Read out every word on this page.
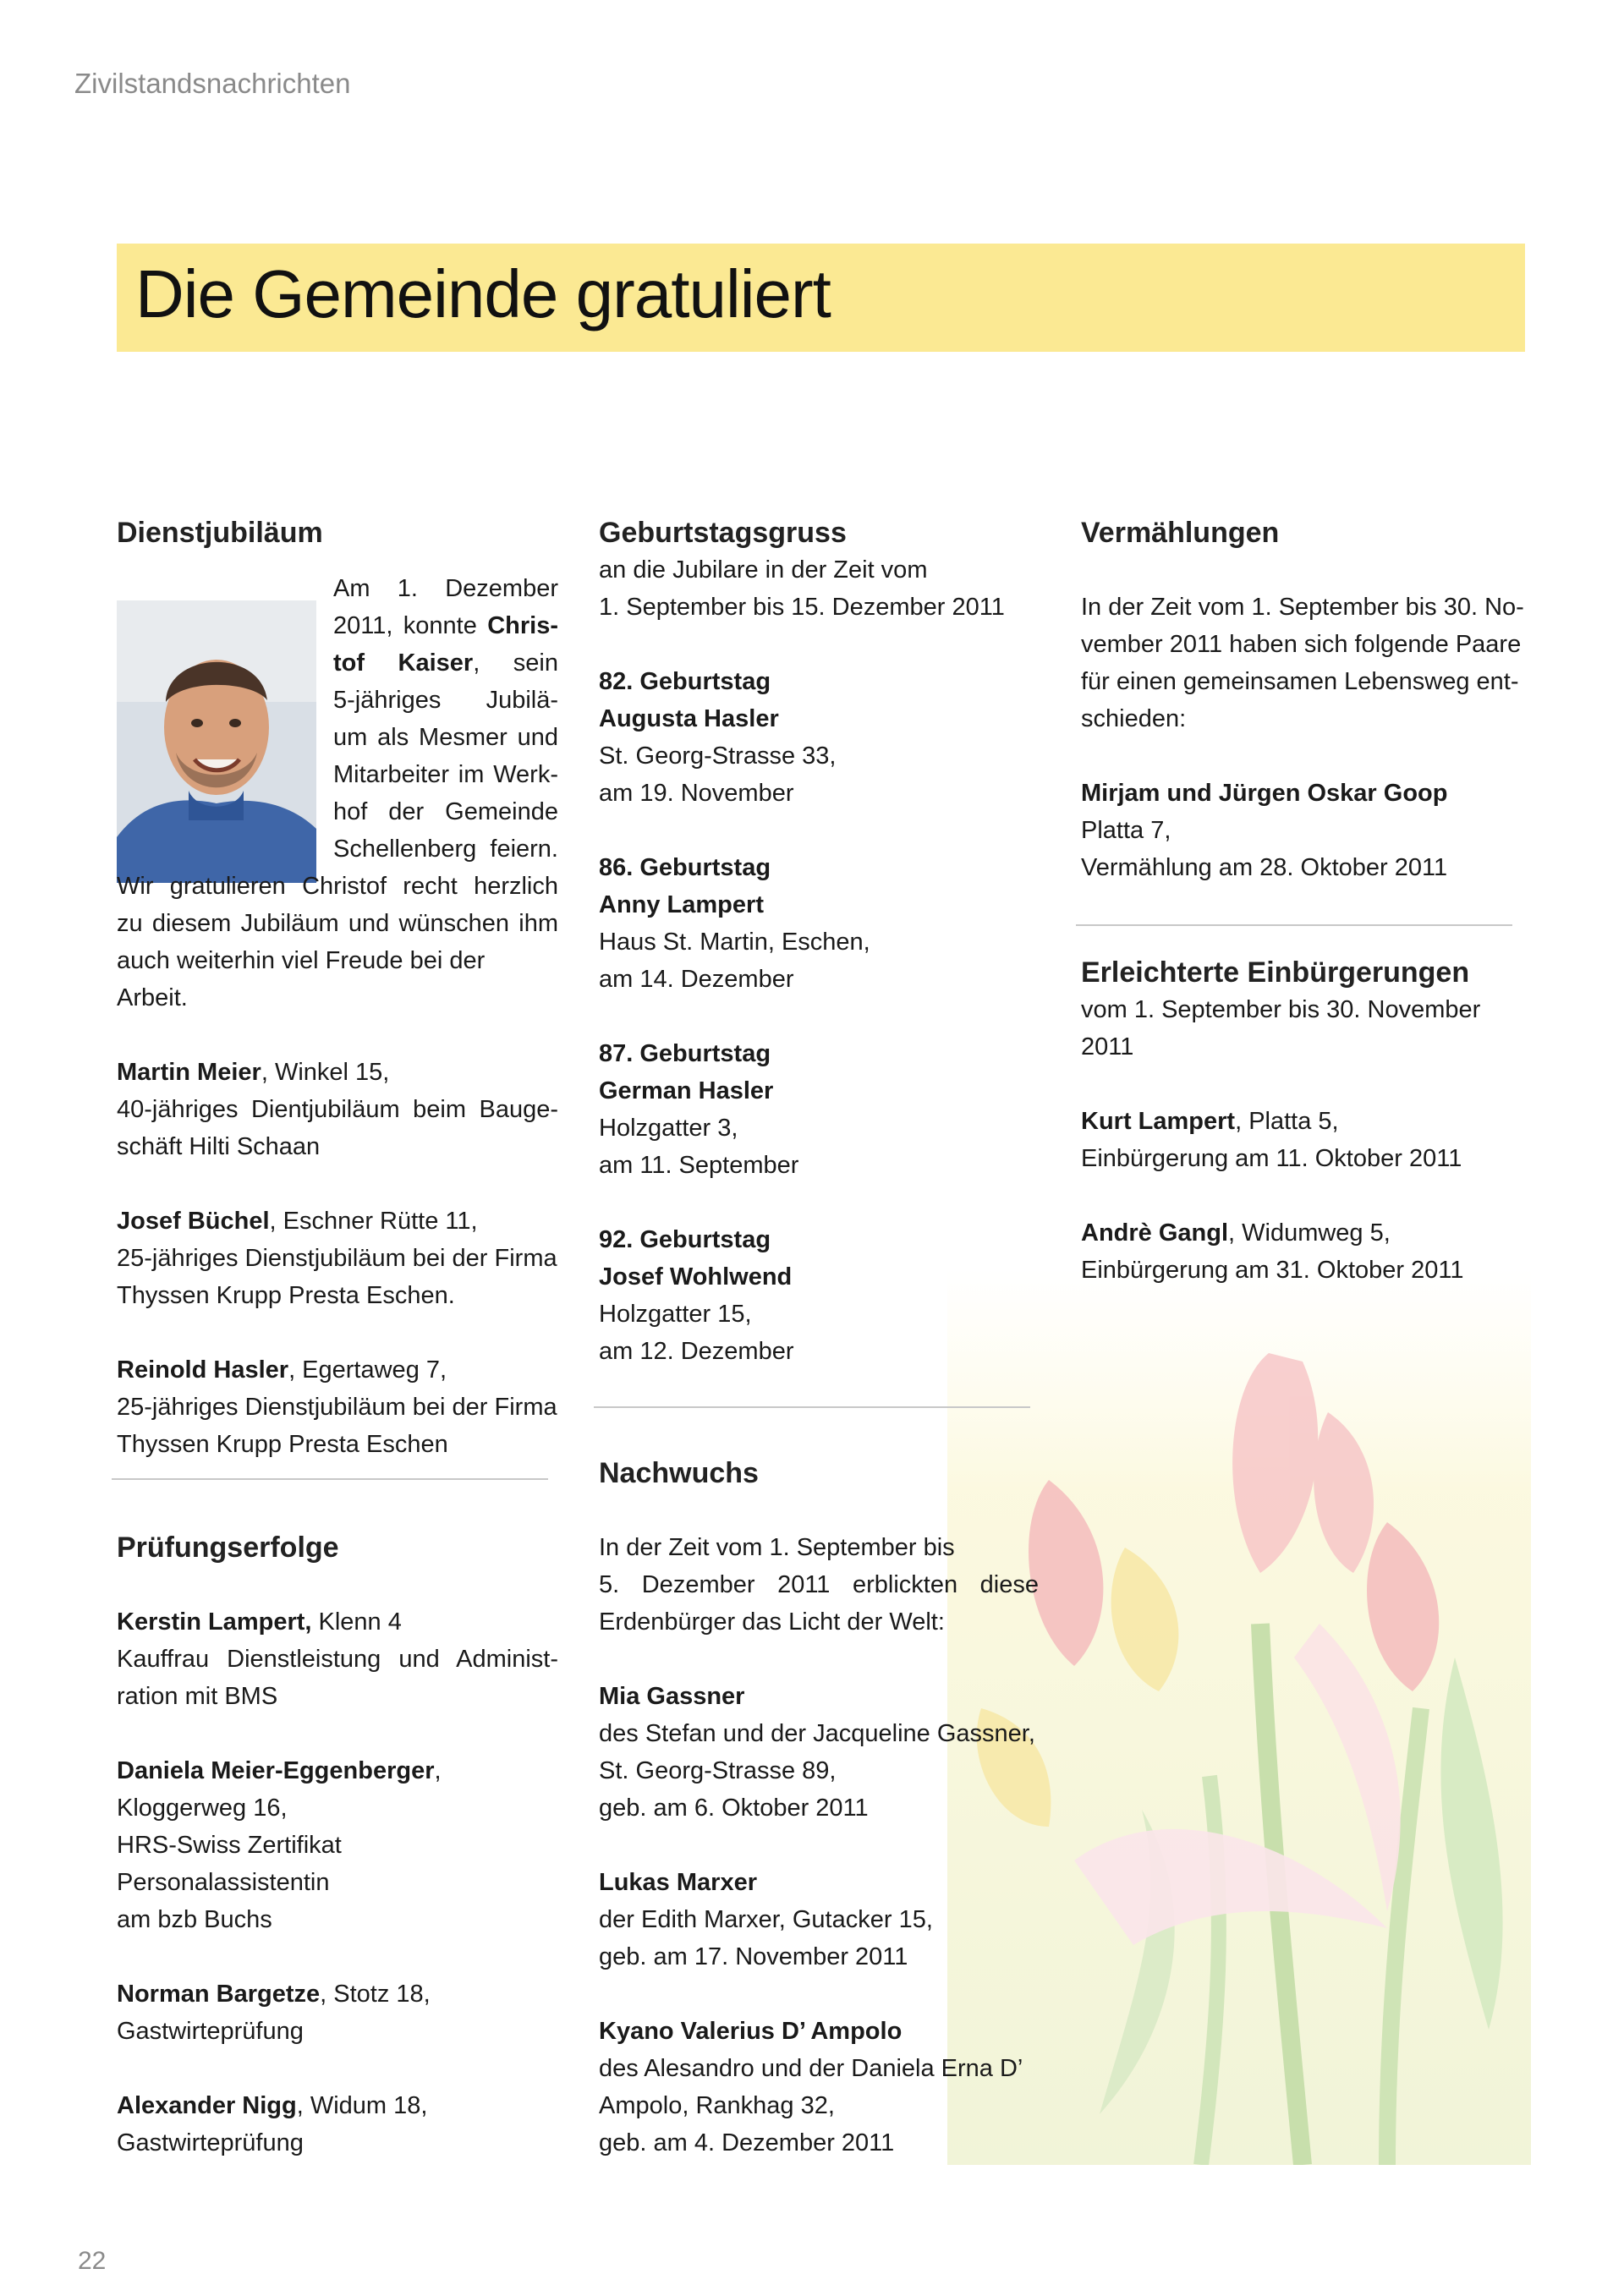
Zivilstandsnachrichten
Die Gemeinde gratuliert

Dienstjubiläum

Am 1. Dezember

2011, konnte Chris-

tof Kaiser, sein

5-jähriges Jubilä-

um als Mesmer und

Mitarbeiter im Werk-

hof der Gemeinde

Schellenberg feiern.

Wir gratulieren Christof recht herzlich

zu diesem Jubiläum und wünschen ihm

auch weiterhin viel Freude bei der Arbeit.

Martin Meier, Winkel 15,

40-jähriges Dientjubiläum beim Bauge-

schäft Hilti Schaan

Josef Büchel, Eschner Rütte 11,

25-jähriges Dienstjubiläum bei der Firma

Thyssen Krupp Presta Eschen.

Reinold Hasler, Egertaweg 7,

25-jähriges Dienstjubiläum bei der Firma

Thyssen Krupp Presta Eschen

Prüfungserfolge

Kerstin Lampert, Klenn 4

Kauffrau Dienstleistung und Administ-

ration mit BMS

Daniela Meier-Eggenberger,

Kloggerweg 16,

HRS-Swiss Zertifikat Personalassistentin

am bzb Buchs

Norman Bargetze, Stotz 18,

Gastwirteprüfung

Alexander Nigg, Widum 18,

Gastwirteprüfung

Geburtstagsgruss

an die Jubilare in der Zeit vom

1. September bis 15. Dezember 2011

82. Geburtstag

Augusta Hasler

St. Georg-Strasse 33,

am 19. November

86. Geburtstag

Anny Lampert

Haus St. Martin, Eschen,

am 14. Dezember

87. Geburtstag

German Hasler

Holzgatter 3,

am 11. September

92. Geburtstag

Josef Wohlwend

Holzgatter 15,

am 12. Dezember

Nachwuchs

In der Zeit vom 1. September bis

5. Dezember 2011 erblickten diese

Erdenbürger das Licht der Welt:

Mia Gassner

des Stefan und der Jacqueline Gassner,

St. Georg-Strasse 89,

geb. am 6. Oktober 2011

Lukas Marxer

der Edith Marxer, Gutacker 15,

geb. am 17. November 2011

Kyano Valerius D’ Ampolo

des Alesandro und der Daniela Erna D’

Ampolo, Rankhag 32,

geb. am 4. Dezember 2011

Vermählungen

In der Zeit vom 1. September bis 30. No-

vember 2011 haben sich folgende Paare

für einen gemeinsamen Lebensweg ent-

schieden:

Mirjam und Jürgen Oskar Goop

Platta 7,

Vermählung am 28. Oktober 2011

Erleichterte Einbürgerungen

vom 1. September bis 30. November 2011

Kurt Lampert, Platta 5,

Einbürgerung am 11. Oktober 2011

Andrè Gangl, Widumweg 5,

Einbürgerung am 31. Oktober 2011

22
